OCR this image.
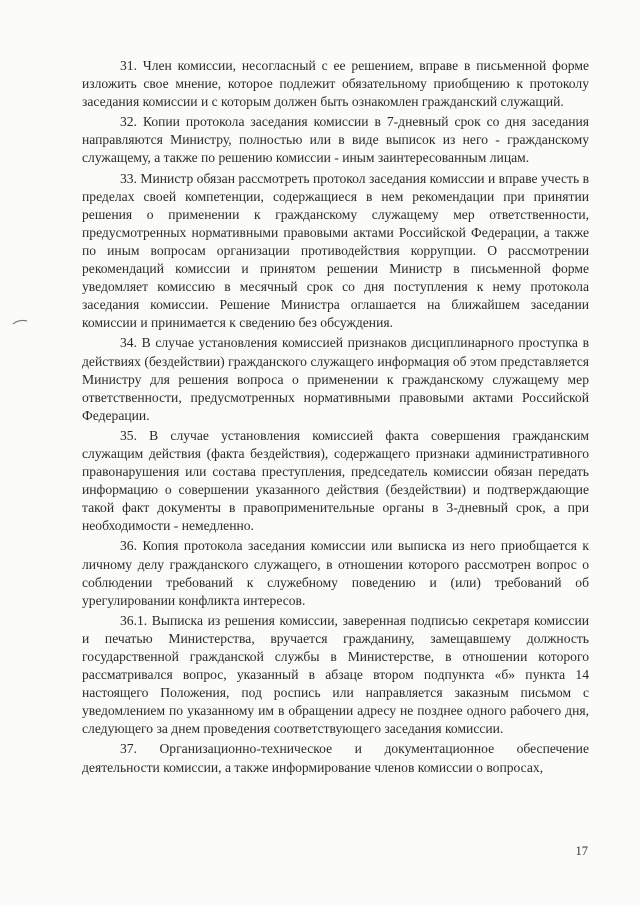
31. Член комиссии, несогласный с ее решением, вправе в письменной форме изложить свое мнение, которое подлежит обязательному приобщению к протоколу заседания комиссии и с которым должен быть ознакомлен гражданский служащий.

32. Копии протокола заседания комиссии в 7-дневный срок со дня заседания направляются Министру, полностью или в виде выписок из него - гражданскому служащему, а также по решению комиссии - иным заинтересованным лицам.

33. Министр обязан рассмотреть протокол заседания комиссии и вправе учесть в пределах своей компетенции, содержащиеся в нем рекомендации при принятии решения о применении к гражданскому служащему мер ответственности, предусмотренных нормативными правовыми актами Российской Федерации, а также по иным вопросам организации противодействия коррупции. О рассмотрении рекомендаций комиссии и принятом решении Министр в письменной форме уведомляет комиссию в месячный срок со дня поступления к нему протокола заседания комиссии. Решение Министра оглашается на ближайшем заседании комиссии и принимается к сведению без обсуждения.

34. В случае установления комиссией признаков дисциплинарного проступка в действиях (бездействии) гражданского служащего информация об этом представляется Министру для решения вопроса о применении к гражданскому служащему мер ответственности, предусмотренных нормативными правовыми актами Российской Федерации.

35. В случае установления комиссией факта совершения гражданским служащим действия (факта бездействия), содержащего признаки административного правонарушения или состава преступления, председатель комиссии обязан передать информацию о совершении указанного действия (бездействии) и подтверждающие такой факт документы в правоприменительные органы в 3-дневный срок, а при необходимости - немедленно.

36. Копия протокола заседания комиссии или выписка из него приобщается к личному делу гражданского служащего, в отношении которого рассмотрен вопрос о соблюдении требований к служебному поведению и (или) требований об урегулировании конфликта интересов.

36.1. Выписка из решения комиссии, заверенная подписью секретаря комиссии и печатью Министерства, вручается гражданину, замещавшему должность государственной гражданской службы в Министерстве, в отношении которого рассматривался вопрос, указанный в абзаце втором подпункта «б» пункта 14 настоящего Положения, под роспись или направляется заказным письмом с уведомлением по указанному им в обращении адресу не позднее одного рабочего дня, следующего за днем проведения соответствующего заседания комиссии.

37. Организационно-техническое и документационное обеспечение деятельности комиссии, а также информирование членов комиссии о вопросах,

17
